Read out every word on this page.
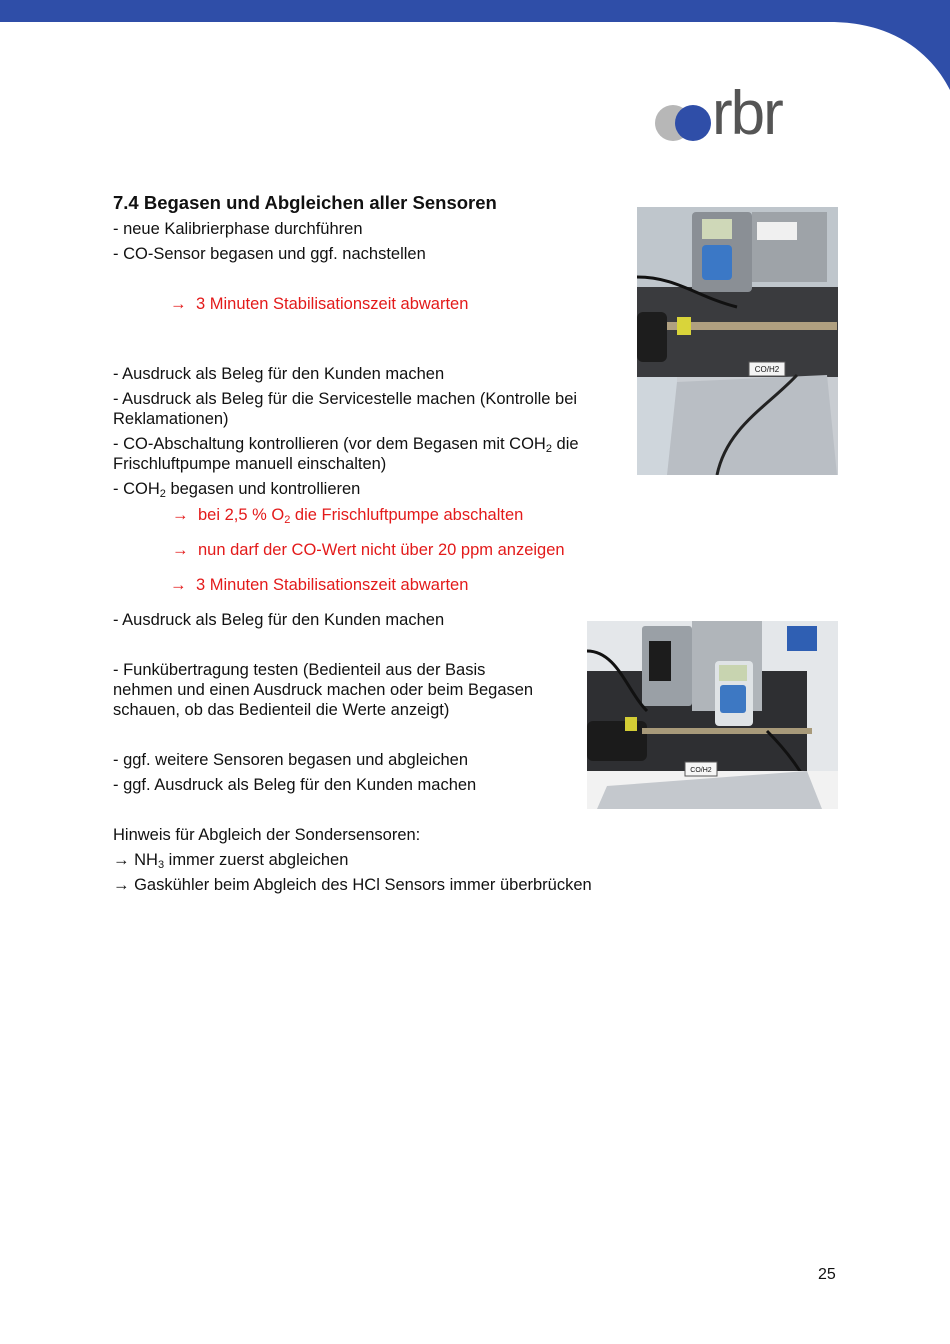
rbr
7.4 Begasen und Abgleichen aller Sensoren
- neue Kalibrierphase durchführen
- CO-Sensor begasen und ggf. nachstellen
→ 3 Minuten Stabilisationszeit abwarten
- Ausdruck als Beleg für den Kunden machen
- Ausdruck als Beleg für die Servicestelle machen (Kontrolle bei
Reklamationen)
- CO-Abschaltung kontrollieren (vor dem Begasen mit $COH_2$ die
Frischluftpumpe manuell einschalten)
- $COH_2$ begasen und kontrollieren
→ bei 2,5 % $O_2$ die Frischluftpumpe abschalten
→ nun darf der CO-Wert nicht über 20 ppm anzeigen
→ 3 Minuten Stabilisationszeit abwarten
- Ausdruck als Beleg für den Kunden machen
- Funkübertragung testen (Bedienteil aus der Basis
nehmen und einen Ausdruck machen oder beim Begasen
schauen, ob das Bedienteil die Werte anzeigt)
- ggf. weitere Sensoren begasen und abgleichen
- ggf. Ausdruck als Beleg für den Kunden machen
Hinweis für Abgleich der Sondersensoren:
→ $NH_3$ immer zuerst abgleichen
→ Gaskühler beim Abgleich des HCl Sensors immer überbrücken
CO/H2
CO/H2
25
